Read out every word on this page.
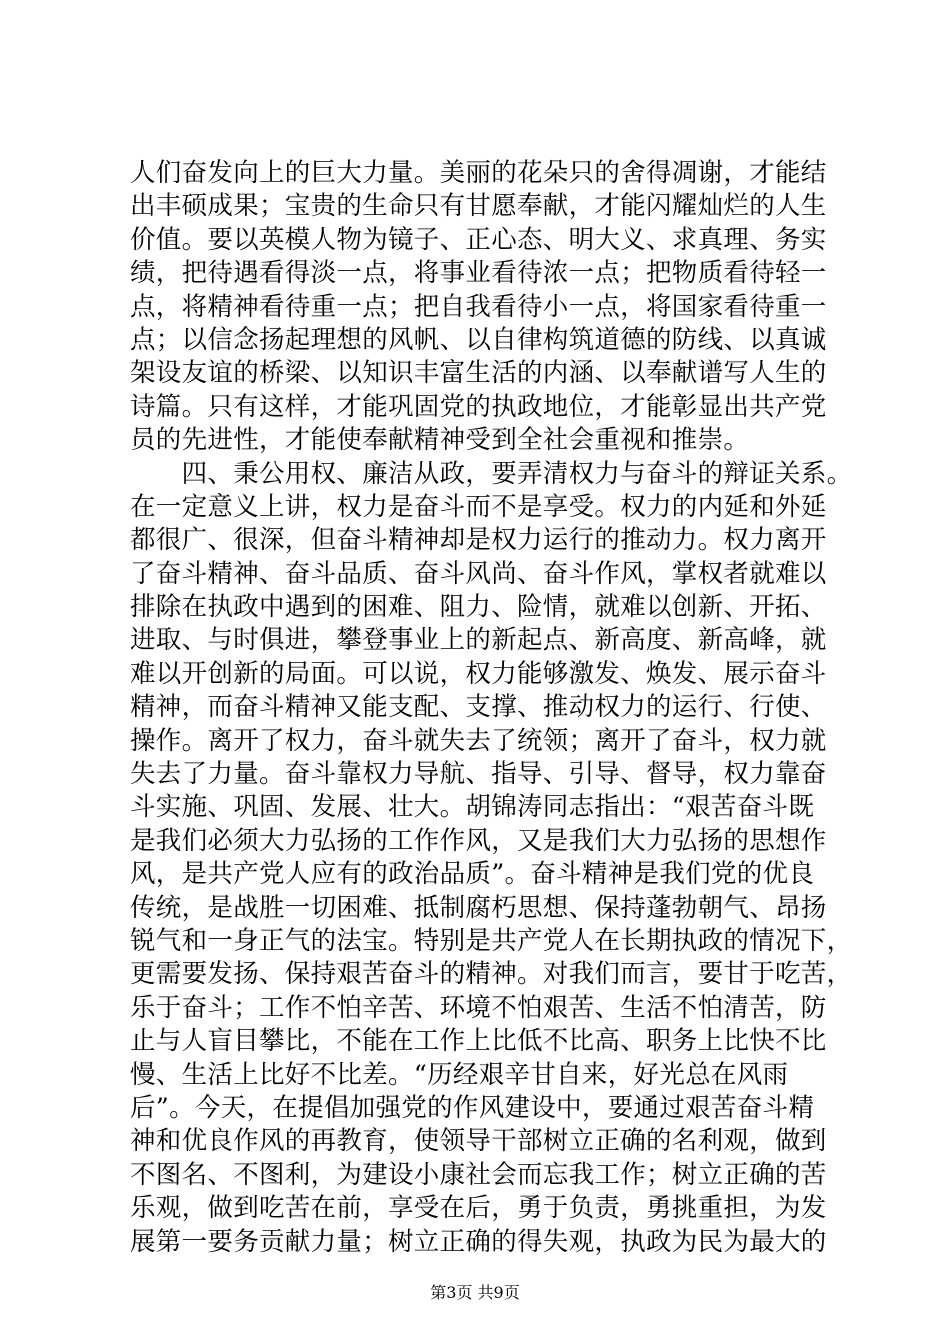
人们奋发向上的巨大力量。美丽的花朵只的舍得凋谢，才能结
出丰硕成果；宝贵的生命只有甘愿奉献，才能闪耀灿烂的人生
价值。要以英模人物为镜子、正心态、明大义、求真理、务实
绩，把待遇看得淡一点，将事业看待浓一点；把物质看待轻一
点，将精神看待重一点；把自我看待小一点，将国家看待重一
点；以信念扬起理想的风帆、以自律构筑道德的防线、以真诚
架设友谊的桥梁、以知识丰富生活的内涵、以奉献谱写人生的
诗篇。只有这样，才能巩固党的执政地位，才能彰显出共产党
员的先进性，才能使奉献精神受到全社会重视和推崇。
　　四、秉公用权、廉洁从政，要弄清权力与奋斗的辩证关系。
在一定意义上讲，权力是奋斗而不是享受。权力的内延和外延
都很广、很深，但奋斗精神却是权力运行的推动力。权力离开
了奋斗精神、奋斗品质、奋斗风尚、奋斗作风，掌权者就难以
排除在执政中遇到的困难、阻力、险情，就难以创新、开拓、
进取、与时俱进，攀登事业上的新起点、新高度、新高峰，就
难以开创新的局面。可以说，权力能够激发、焕发、展示奋斗
精神，而奋斗精神又能支配、支撑、推动权力的运行、行使、
操作。离开了权力，奋斗就失去了统领；离开了奋斗，权力就
失去了力量。奋斗靠权力导航、指导、引导、督导，权力靠奋
斗实施、巩固、发展、壮大。胡锦涛同志指出：“艰苦奋斗既
是我们必须大力弘扬的工作作风，又是我们大力弘扬的思想作
风，是共产党人应有的政治品质”。奋斗精神是我们党的优良
传统，是战胜一切困难、抵制腐朽思想、保持蓬勃朝气、昂扬
锐气和一身正气的法宝。特别是共产党人在长期执政的情况下，
更需要发扬、保持艰苦奋斗的精神。对我们而言，要甘于吃苦，
乐于奋斗；工作不怕辛苦、环境不怕艰苦、生活不怕清苦，防
止与人盲目攀比，不能在工作上比低不比高、职务上比快不比
慢、生活上比好不比差。“历经艰辛甘自来，好光总在风雨
后”。今天，在提倡加强党的作风建设中，要通过艰苦奋斗精
神和优良作风的再教育，使领导干部树立正确的名利观，做到
不图名、不图利，为建设小康社会而忘我工作；树立正确的苦
乐观，做到吃苦在前，享受在后，勇于负责，勇挑重担，为发
展第一要务贡献力量；树立正确的得失观，执政为民为最大的
第3页 共9页
